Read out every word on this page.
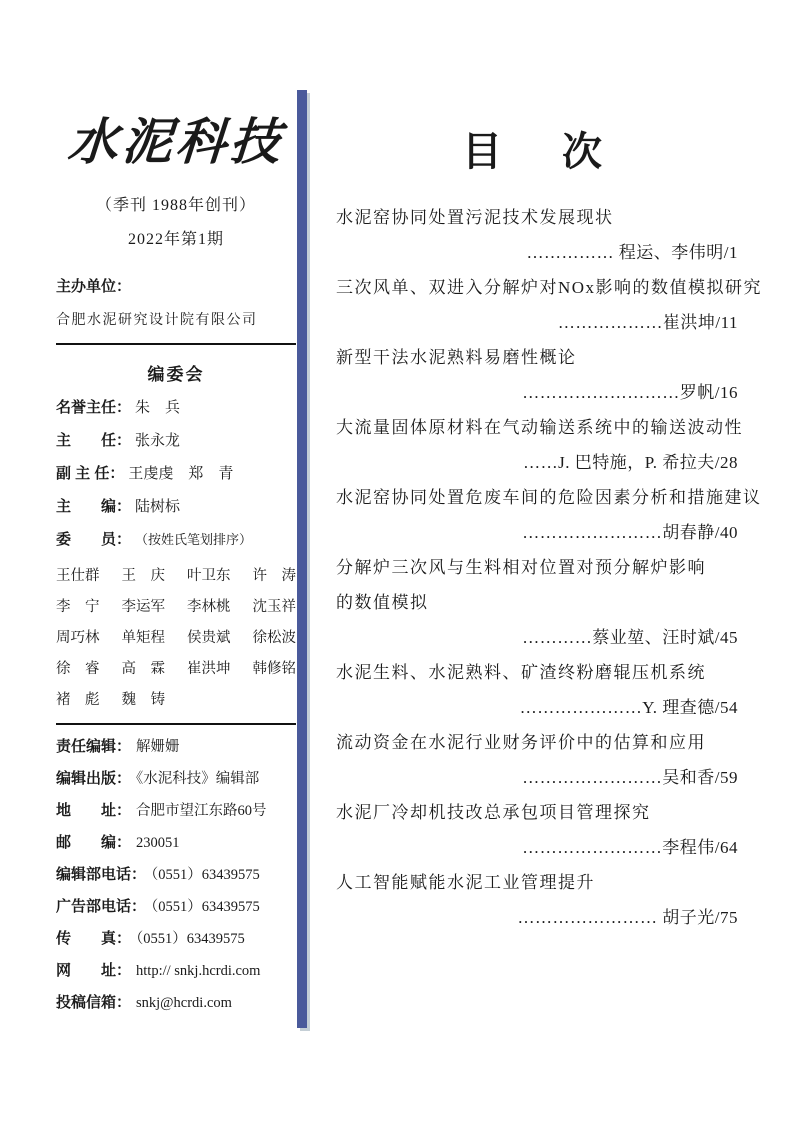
水泥科技
（季刊 1988年创刊）
2022年第1期
主办单位：
合肥水泥研究设计院有限公司
编委会
名誉主任： 朱　兵
主　　任： 张永龙
副 主 任： 王虔虔　郑　青
主　　编： 陆树标
委　　员： （按姓氏笔划排序）
王仕群 王　庆 叶卫东 许　涛
李　宁 李运军 李林桃 沈玉祥
周巧林 单矩程 侯贵斌 徐松波
徐　睿 高　霖 崔洪坤 韩修铭
褚　彪 魏　铸
责任编辑： 解姗姗
编辑出版： 《水泥科技》编辑部
地　　址： 合肥市望江东路60号
邮　　编： 230051
编辑部电话： （0551）63439575
广告部电话： （0551）63439575
传　　真： （0551）63439575
网　　址： http:// snkj.hcrdi.com
投稿信箱： snkj@hcrdi.com
目　次
水泥窑协同处置污泥技术发展现状
…………… 程运、李伟明/1
三次风单、双进入分解炉对NOx影响的数值模拟研究
………………崔洪坤/11
新型干法水泥熟料易磨性概论
………………………罗帆/16
大流量固体原材料在气动输送系统中的输送波动性
……J. 巴特施，P. 希拉夫/28
水泥窑协同处置危废车间的危险因素分析和措施建议
……………………胡春静/40
分解炉三次风与生料相对位置对预分解炉影响
的数值模拟
…………蔡业堃、汪时斌/45
水泥生料、水泥熟料、矿渣终粉磨辊压机系统
…………………Y. 理查德/54
流动资金在水泥行业财务评价中的估算和应用
……………………吴和香/59
水泥厂冷却机技改总承包项目管理探究
……………………李程伟/64
人工智能赋能水泥工业管理提升
…………………… 胡子光/75
